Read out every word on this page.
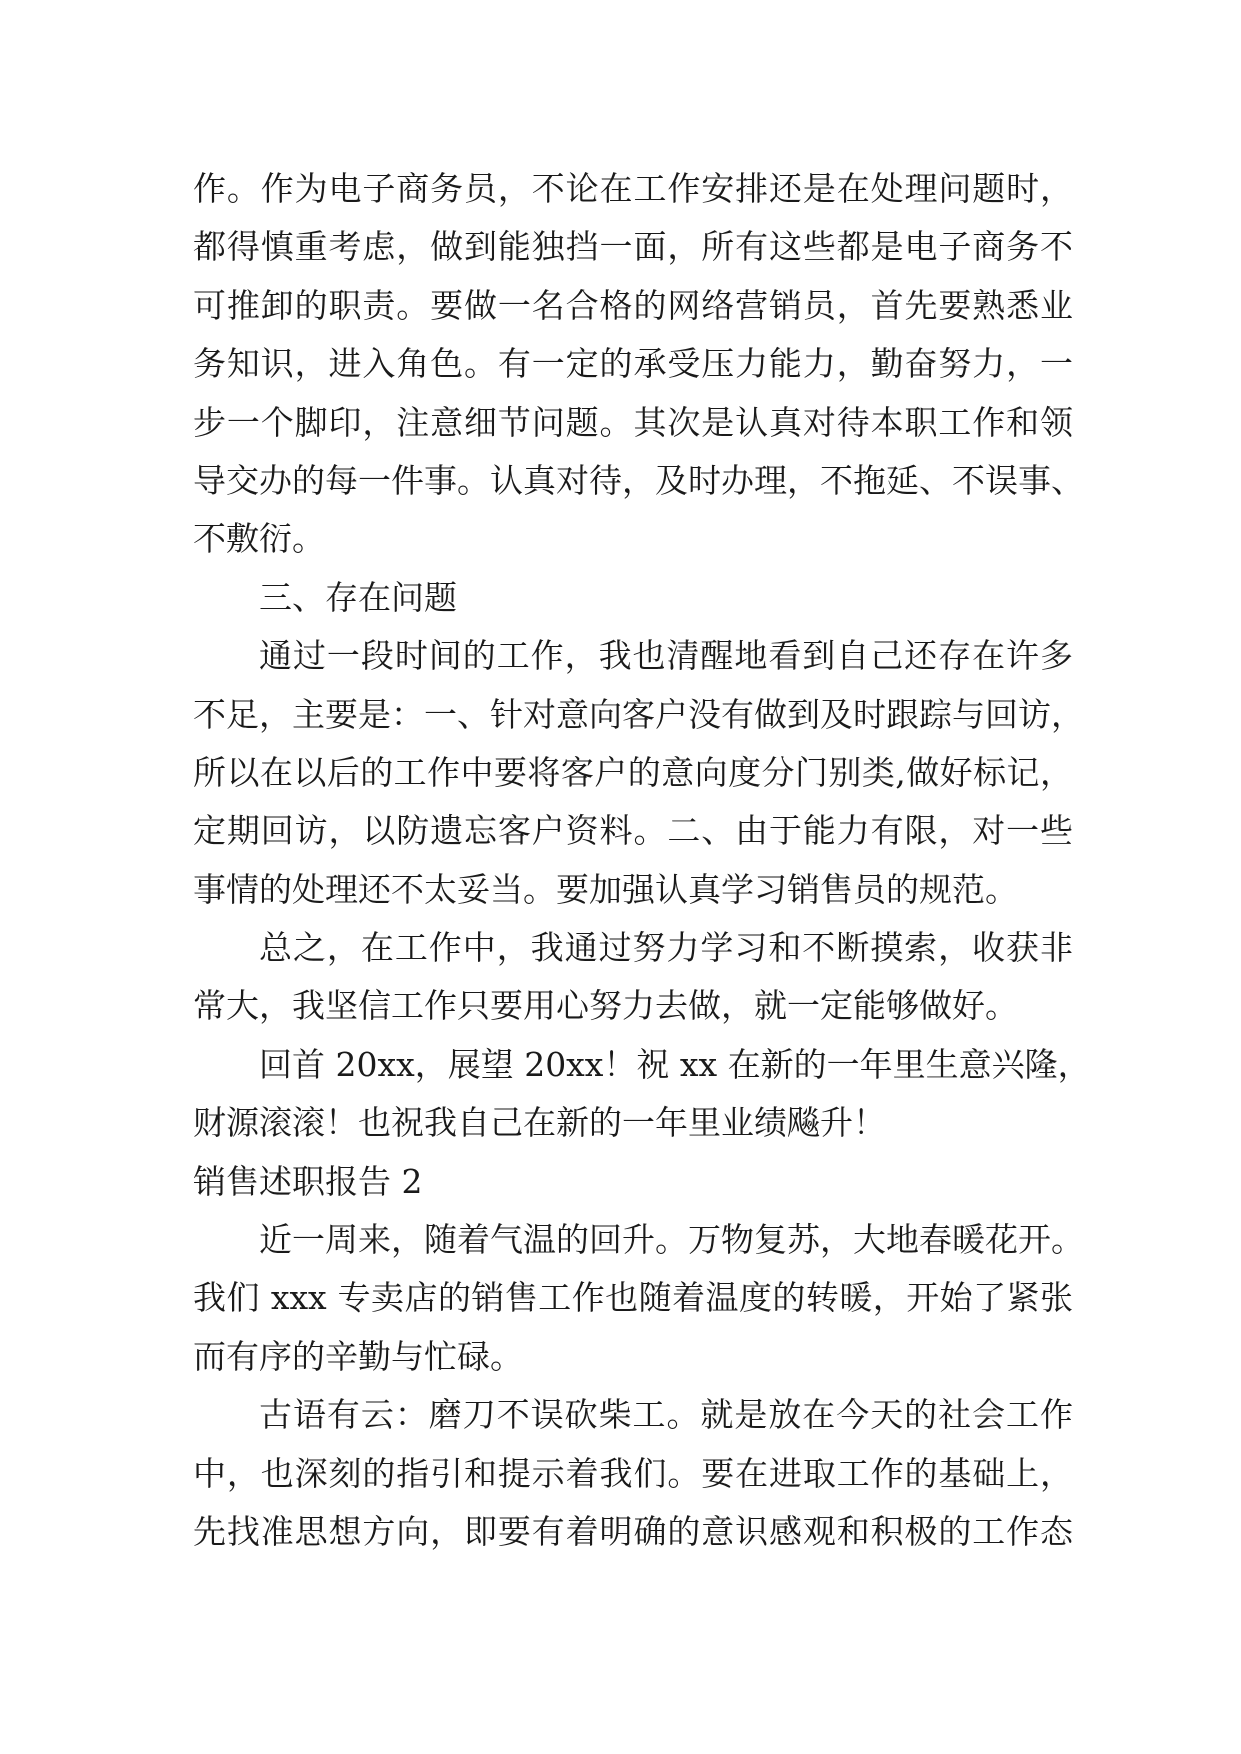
作。作为电子商务员，不论在工作安排还是在处理问题时，
都得慎重考虑，做到能独挡一面，所有这些都是电子商务不
可推卸的职责。要做一名合格的网络营销员，首先要熟悉业
务知识，进入角色。有一定的承受压力能力，勤奋努力，一
步一个脚印，注意细节问题。其次是认真对待本职工作和领
导交办的每一件事。认真对待，及时办理，不拖延、不误事、
不敷衍。
三、存在问题
通过一段时间的工作，我也清醒地看到自己还存在许多
不足，主要是：一、针对意向客户没有做到及时跟踪与回访，
所以在以后的工作中要将客户的意向度分门别类,做好标记，
定期回访，以防遗忘客户资料。二、由于能力有限，对一些
事情的处理还不太妥当。要加强认真学习销售员的规范。
总之，在工作中，我通过努力学习和不断摸索，收获非
常大，我坚信工作只要用心努力去做，就一定能够做好。
回首 20xx，展望 20xx！祝 xx 在新的一年里生意兴隆，
财源滚滚！也祝我自己在新的一年里业绩飚升！
销售述职报告 2
近一周来，随着气温的回升。万物复苏，大地春暖花开。
我们 xxx 专卖店的销售工作也随着温度的转暖，开始了紧张
而有序的辛勤与忙碌。
古语有云：磨刀不误砍柴工。就是放在今天的社会工作
中，也深刻的指引和提示着我们。要在进取工作的基础上，
先找准思想方向，即要有着明确的意识感观和积极的工作态
